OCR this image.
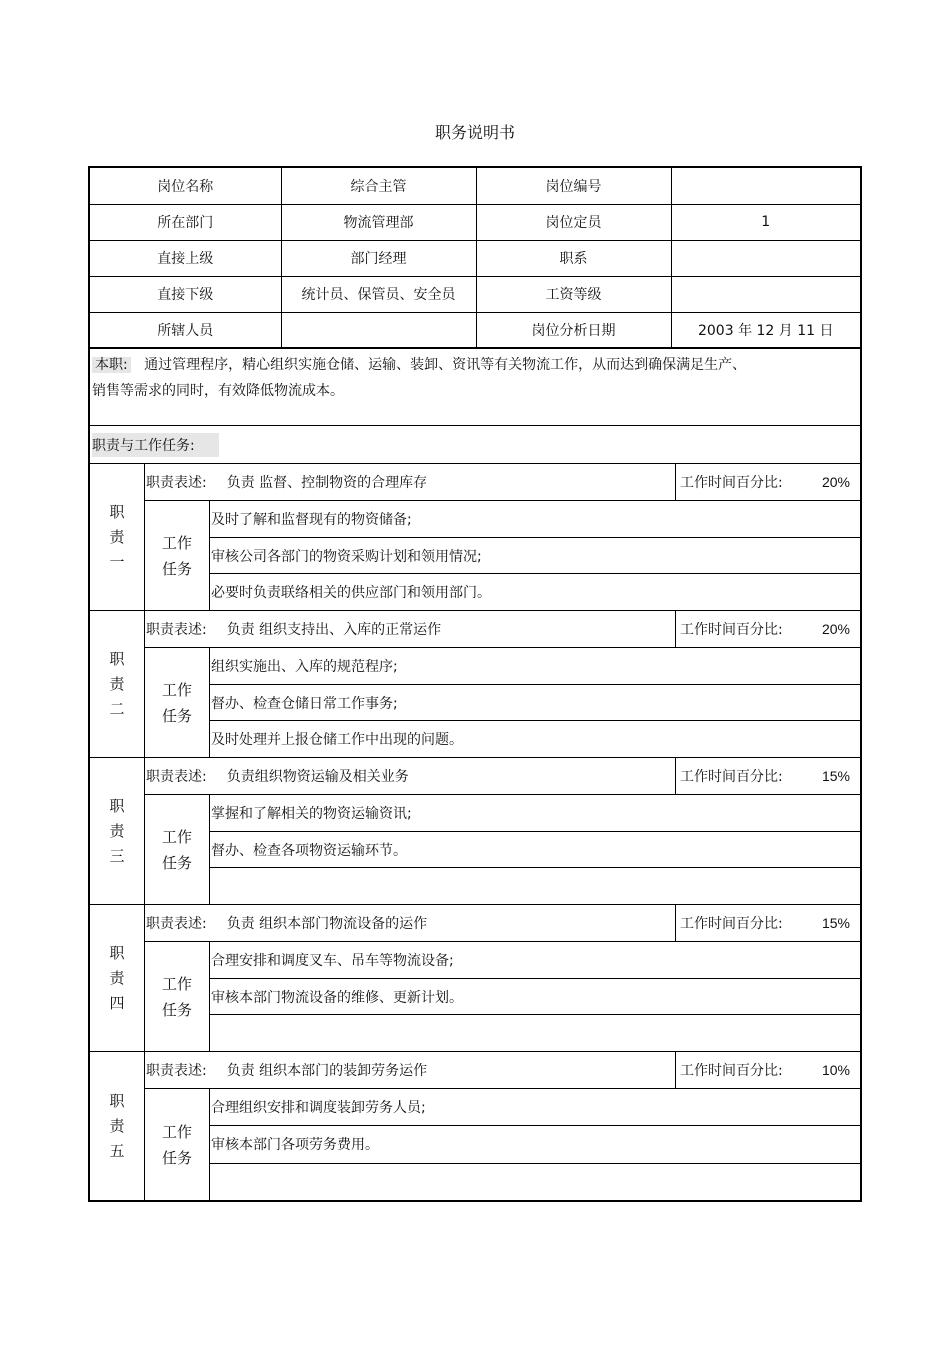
职务说明书
岗位名称	综合主管	岗位编号	
所在部门	物流管理部	岗位定员	1
直接上级	部门经理	职系	
直接下级	统计员、保管员、安全员	工资等级	
所辖人员		岗位分析日期	2003 年 12 月 11 日
本职: 通过管理程序，精心组织实施仓储、运输、装卸、资讯等有关物流工作，从而达到确保满足生产、
销售等需求的同时，有效降低物流成本。
职责与工作任务:
职责一
职责表述: 负责 监督、控制物资的合理库存	工作时间百分比:	20%
工作任务
及时了解和监督现有的物资储备;
审核公司各部门的物资采购计划和领用情况;
必要时负责联络相关的供应部门和领用部门。
职责二
职责表述: 负责 组织支持出、入库的正常运作	工作时间百分比:	20%
工作任务
组织实施出、入库的规范程序;
督办、检查仓储日常工作事务;
及时处理并上报仓储工作中出现的问题。
职责三
职责表述: 负责组织物资运输及相关业务	工作时间百分比:	15%
工作任务
掌握和了解相关的物资运输资讯;
督办、检查各项物资运输环节。
职责四
职责表述: 负责 组织本部门物流设备的运作	工作时间百分比:	15%
工作任务
合理安排和调度叉车、吊车等物流设备;
审核本部门物流设备的维修、更新计划。
职责五
职责表述: 负责 组织本部门的装卸劳务运作	工作时间百分比:	10%
工作任务
合理组织安排和调度装卸劳务人员;
审核本部门各项劳务费用。
